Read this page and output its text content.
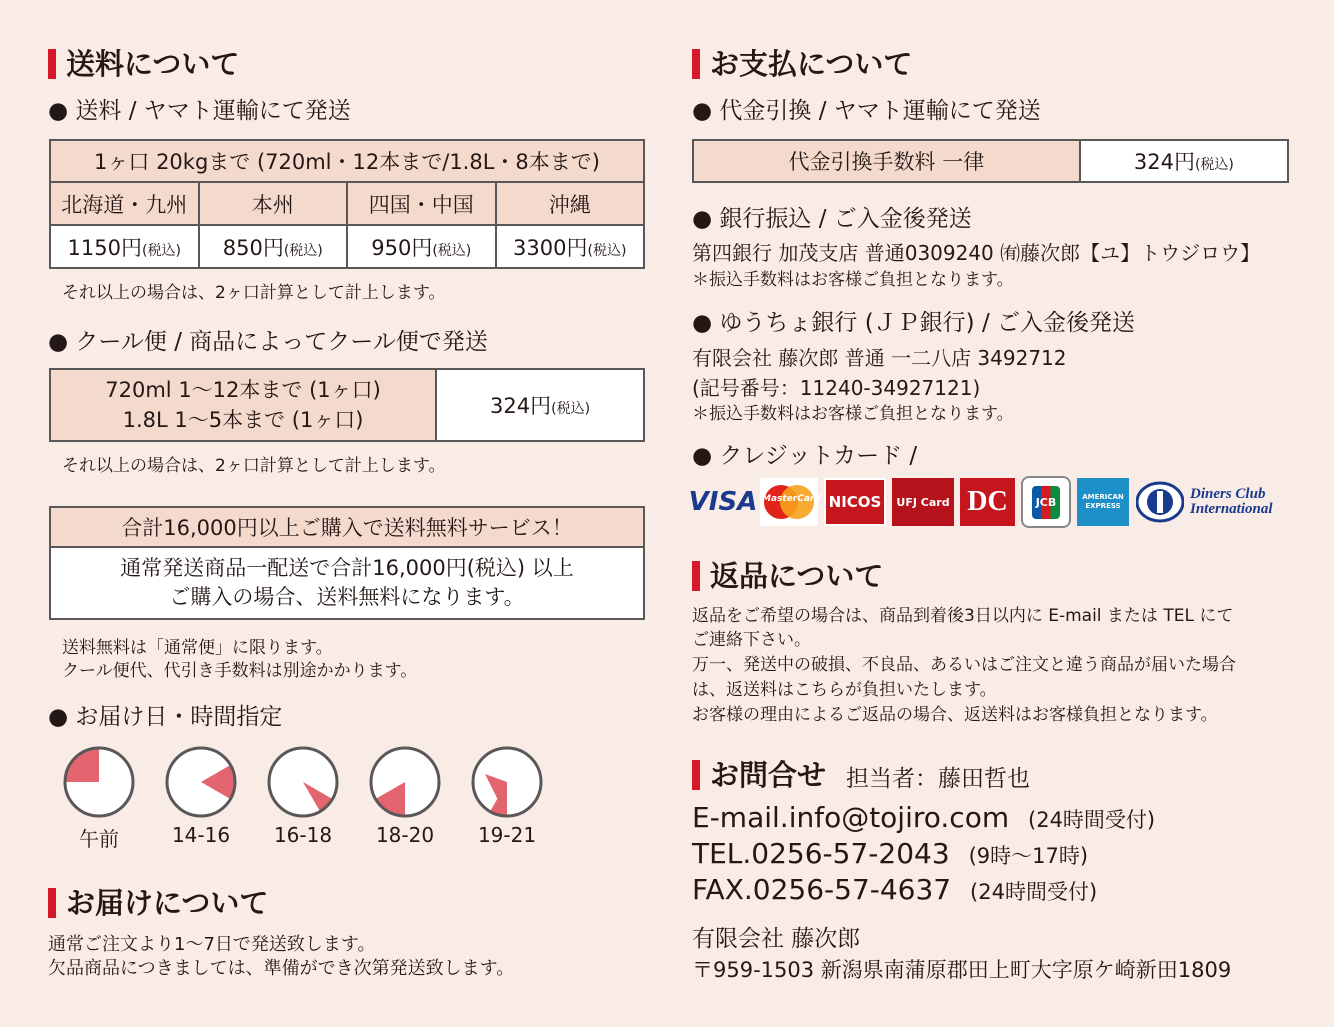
送料について
● 送料 / ヤマト運輸にて発送
1ヶ口 20kgまで (720ml・12本まで/1.8L・8本まで)			
北海道・九州	本州	四国・中国	沖縄
1150円(税込)	850円(税込)	950円(税込)	3300円(税込)
それ以上の場合は、2ヶ口計算として計上します。
● クール便 / 商品によってクール便で発送
720ml 1〜12本まで (1ヶ口)
1.8L 1〜5本まで (1ヶ口)
	324円(税込)
それ以上の場合は、2ヶ口計算として計上します。
合計16,000円以上ご購入で送料無料サービス！

通常発送商品一配送で合計16,000円(税込) 以上
ご購入の場合、送料無料になります。
送料無料は「通常便」に限ります。
クール便代、代引き手数料は別途かかります。
● お届け日・時間指定
午前	14-16	16-18	18-20	19-21
お届けについて
通常ご注文より1〜7日で発送致します。
欠品商品につきましては、準備ができ次第発送致します。
お支払について
● 代金引換 / ヤマト運輸にて発送
代金引換手数料 一律	324円(税込)
● 銀行振込 / ご入金後発送
第四銀行 加茂支店 普通0309240 ㈲藤次郎【ユ】トウジロウ】
＊振込手数料はお客様ご負担となります。
● ゆうちょ銀行 (ＪＰ銀行) / ご入金後発送
有限会社 藤次郎 普通 一二八店 3492712
(記号番号：11240-34927121)
＊振込手数料はお客様ご負担となります。
● クレジットカード /
VISA MasterCard NICOS	UFJ Card DC	JCB	AMERICAN EXPRESS
Diners Club
International
返品について
返品をご希望の場合は、商品到着後3日以内に E-mail または TEL にて
ご連絡下さい。
万一、発送中の破損、不良品、あるいはご注文と違う商品が届いた場合
は、返送料はこちらが負担いたします。
お客様の理由によるご返品の場合、返送料はお客様負担となります。
お問合せ 担当者：藤田哲也
E-mail.info@tojiro.com (24時間受付)
TEL.0256-57-2043 (9時〜17時)
FAX.0256-57-4637 (24時間受付)
有限会社 藤次郎
〒959-1503 新潟県南蒲原郡田上町大字原ケ崎新田1809
